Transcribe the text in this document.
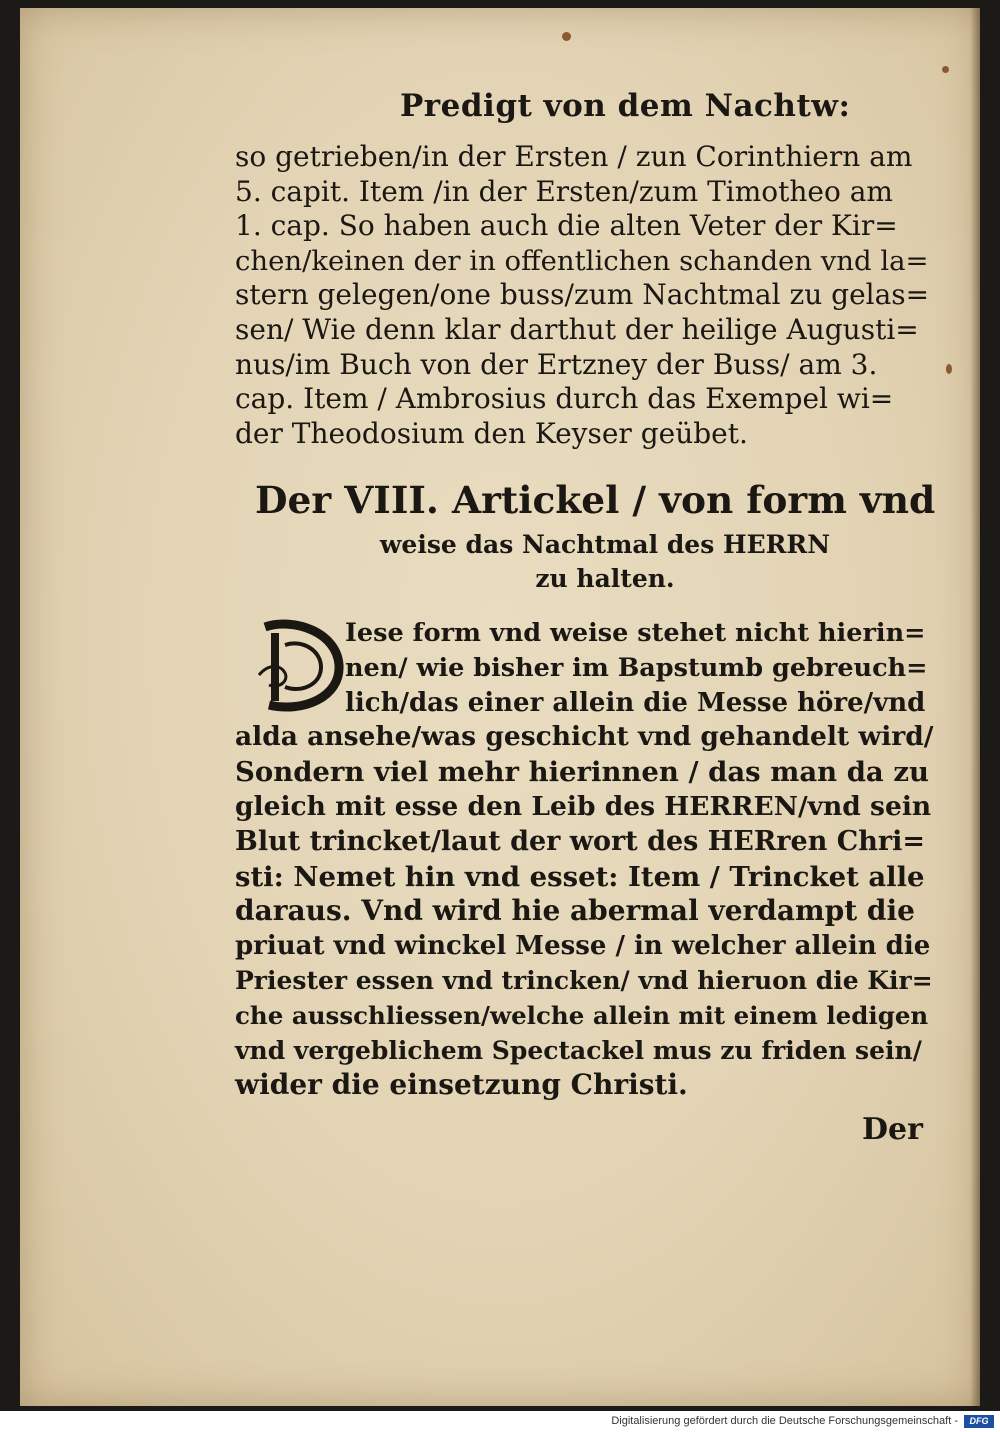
Predigt von dem Nachtw:
so getrieben/in der Ersten / zun Corinthiern am
5. capit. Item /in der Ersten/zum Timotheo am
1. cap. So haben auch die alten Veter der Kir=
chen/keinen der in offentlichen schanden vnd la=
stern gelegen/one buss/zum Nachtmal zu gelas=
sen/ Wie denn klar darthut der heilige Augusti=
nus/im Buch von der Ertzney der Buss/ am 3.
cap. Item / Ambrosius durch das Exempel wi=
der Theodosium den Keyser geübet.
Der VIII. Artickel / von form vnd
weise das Nachtmal des HERRN
zu halten.
Iese form vnd weise stehet nicht hierin=
nen/ wie bisher im Bapstumb gebreuch=
lich/das einer allein die Messe höre/vnd
alda ansehe/was geschicht vnd gehandelt wird/
Sondern viel mehr hierinnen / das man da zu
gleich mit esse den Leib des HERREN/vnd sein
Blut trincket/laut der wort des HERren Chri=
sti: Nemet hin vnd esset: Item / Trincket alle
daraus. Vnd wird hie abermal verdampt die
priuat vnd winckel Messe / in welcher allein die
Priester essen vnd trincken/ vnd hieruon die Kir=
che ausschliessen/welche allein mit einem ledigen
vnd vergeblichem Spectackel mus zu friden sein/
wider die einsetzung Christi.
Der
Digitalisierung gefördert durch die Deutsche Forschungsgemeinschaft -	DFG
